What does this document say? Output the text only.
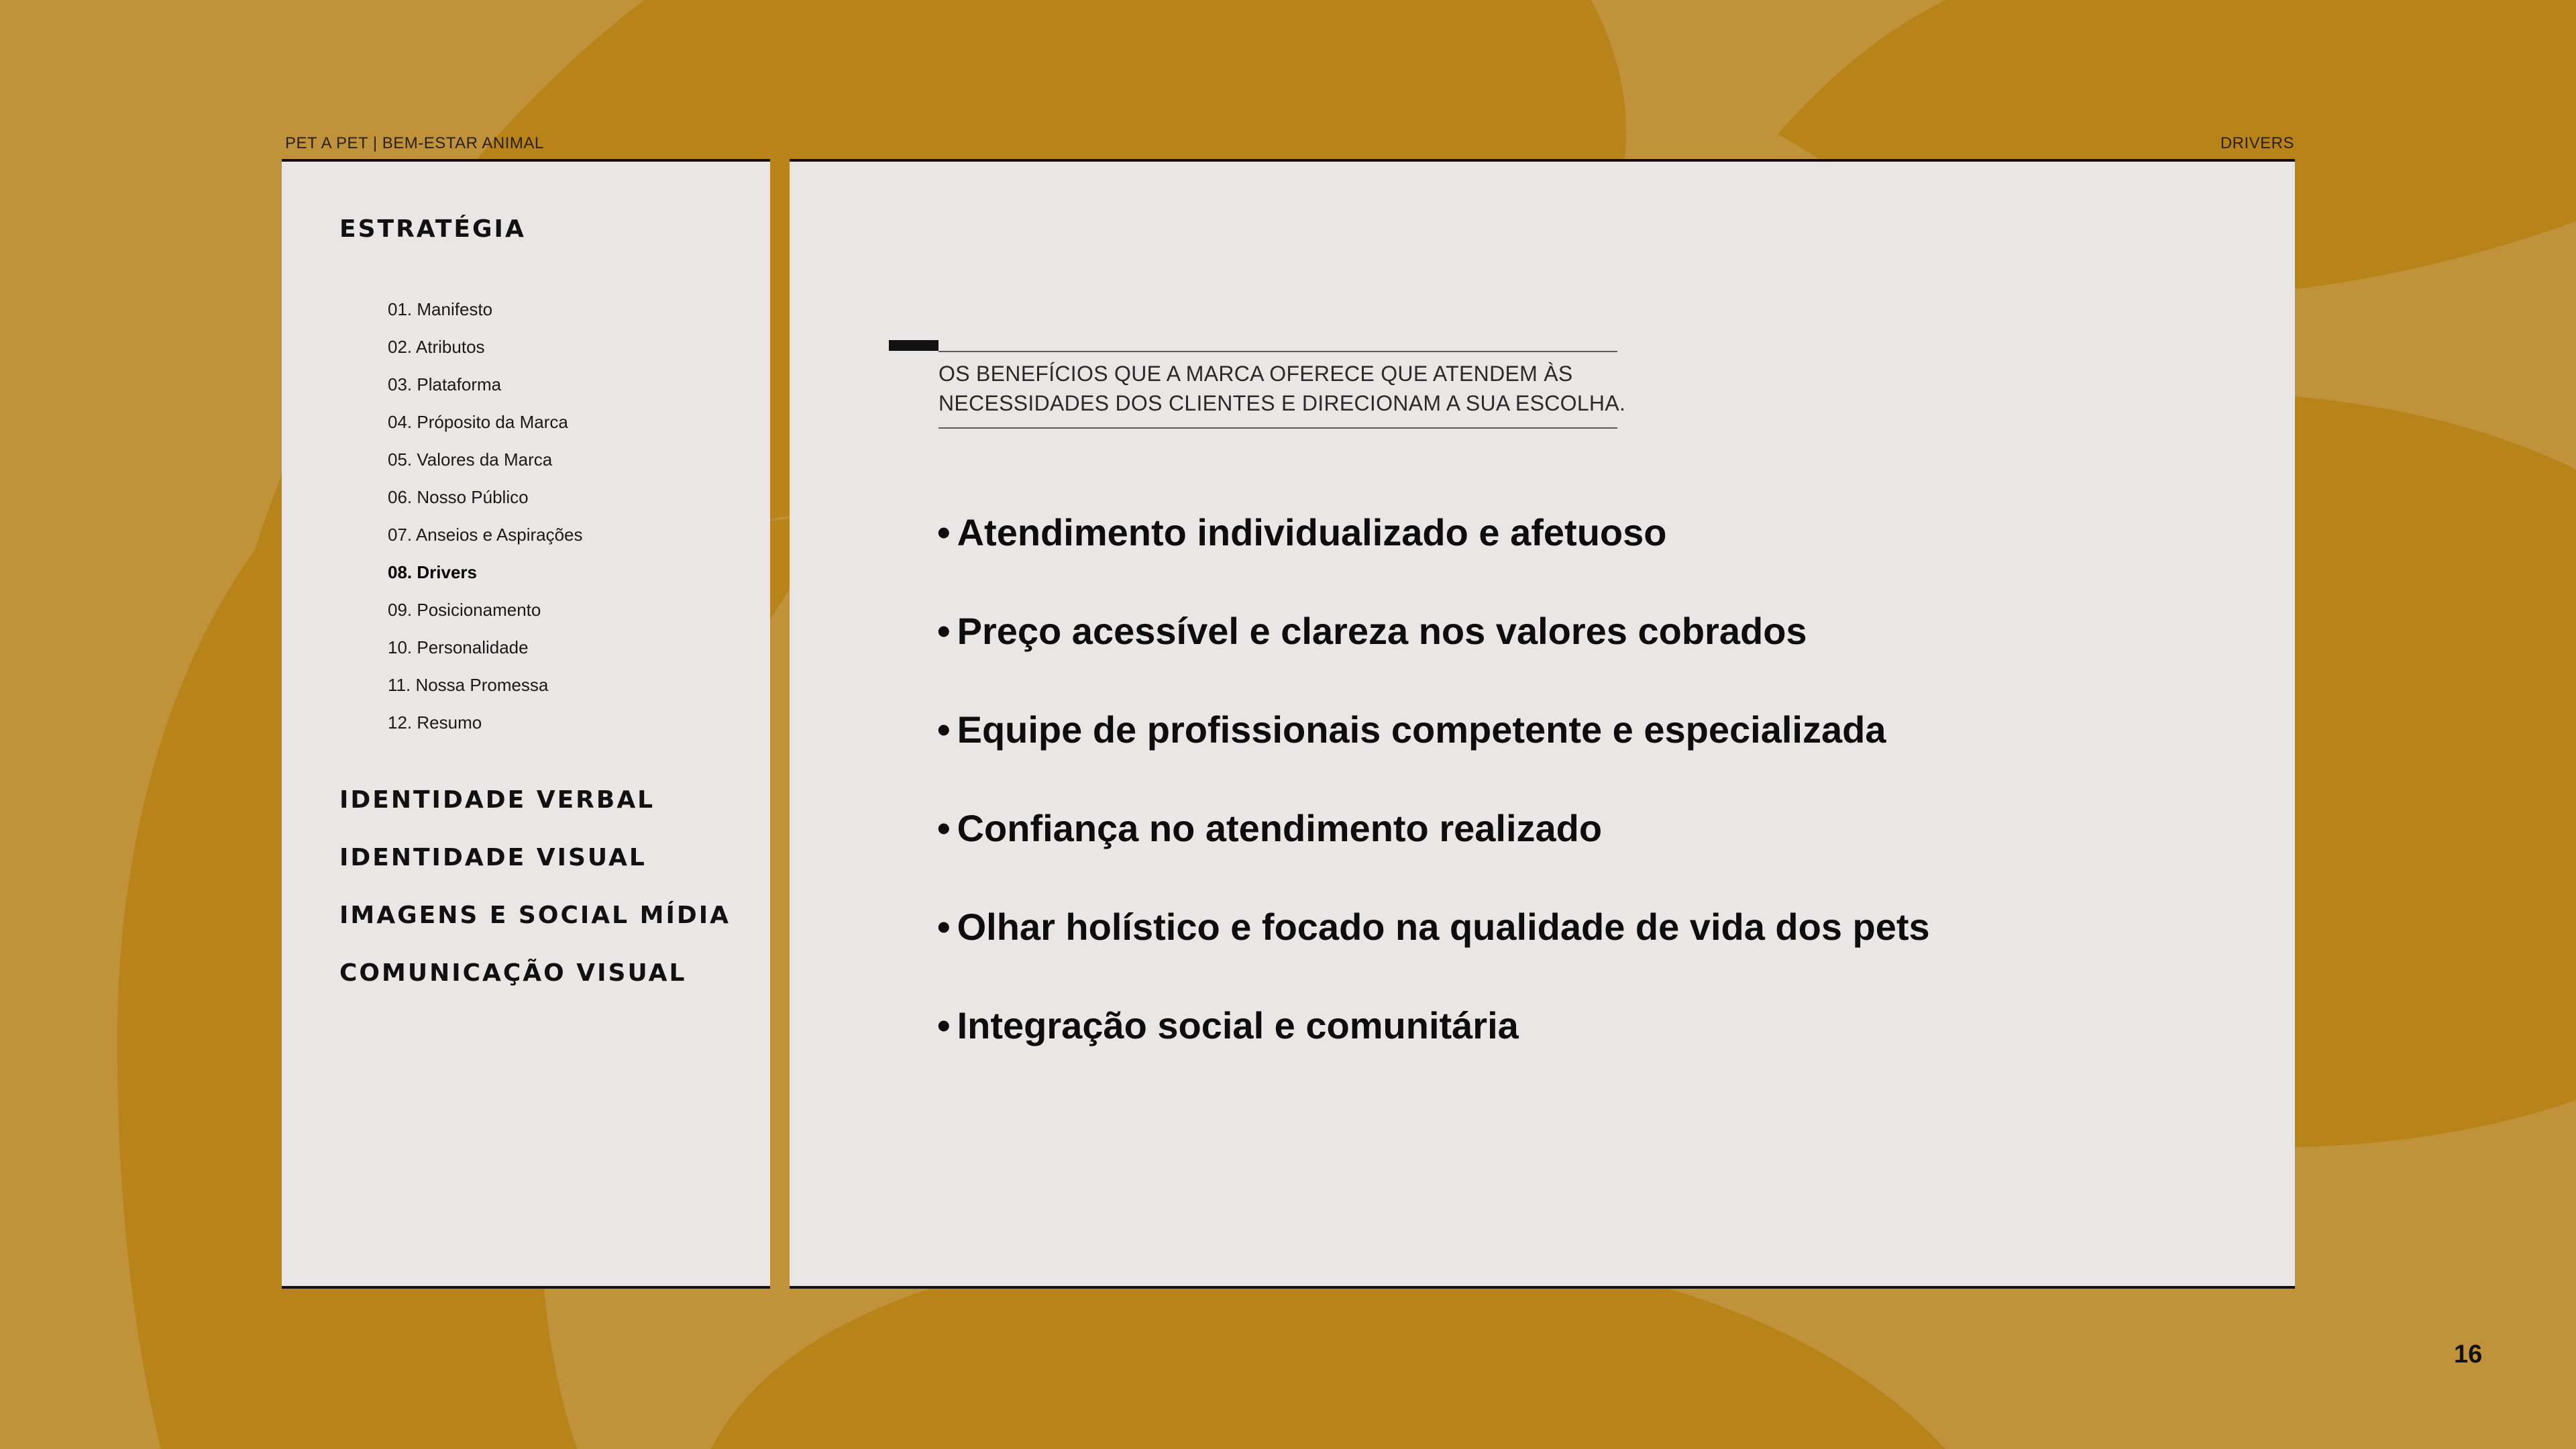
PET A PET | BEM-ESTAR ANIMAL	DRIVERS
ESTRATÉGIA
01. Manifesto
02. Atributos
03. Plataforma
04. Próposito da Marca
05. Valores da Marca
06. Nosso Público
07. Anseios e Aspirações
08. Drivers
09. Posicionamento
10. Personalidade
11. Nossa Promessa
12. Resumo
IDENTIDADE VERBAL
IDENTIDADE VISUAL
IMAGENS E SOCIAL MÍDIA
COMUNICAÇÃO VISUAL
OS BENEFÍCIOS QUE A MARCA OFERECE QUE ATENDEM ÀS
NECESSIDADES DOS CLIENTES E DIRECIONAM A SUA ESCOLHA.
• Atendimento individualizado e afetuoso
• Preço acessível e clareza nos valores cobrados
• Equipe de profissionais competente e especializada
• Confiança no atendimento realizado
• Olhar holístico e focado na qualidade de vida dos pets
• Integração social e comunitária
16
